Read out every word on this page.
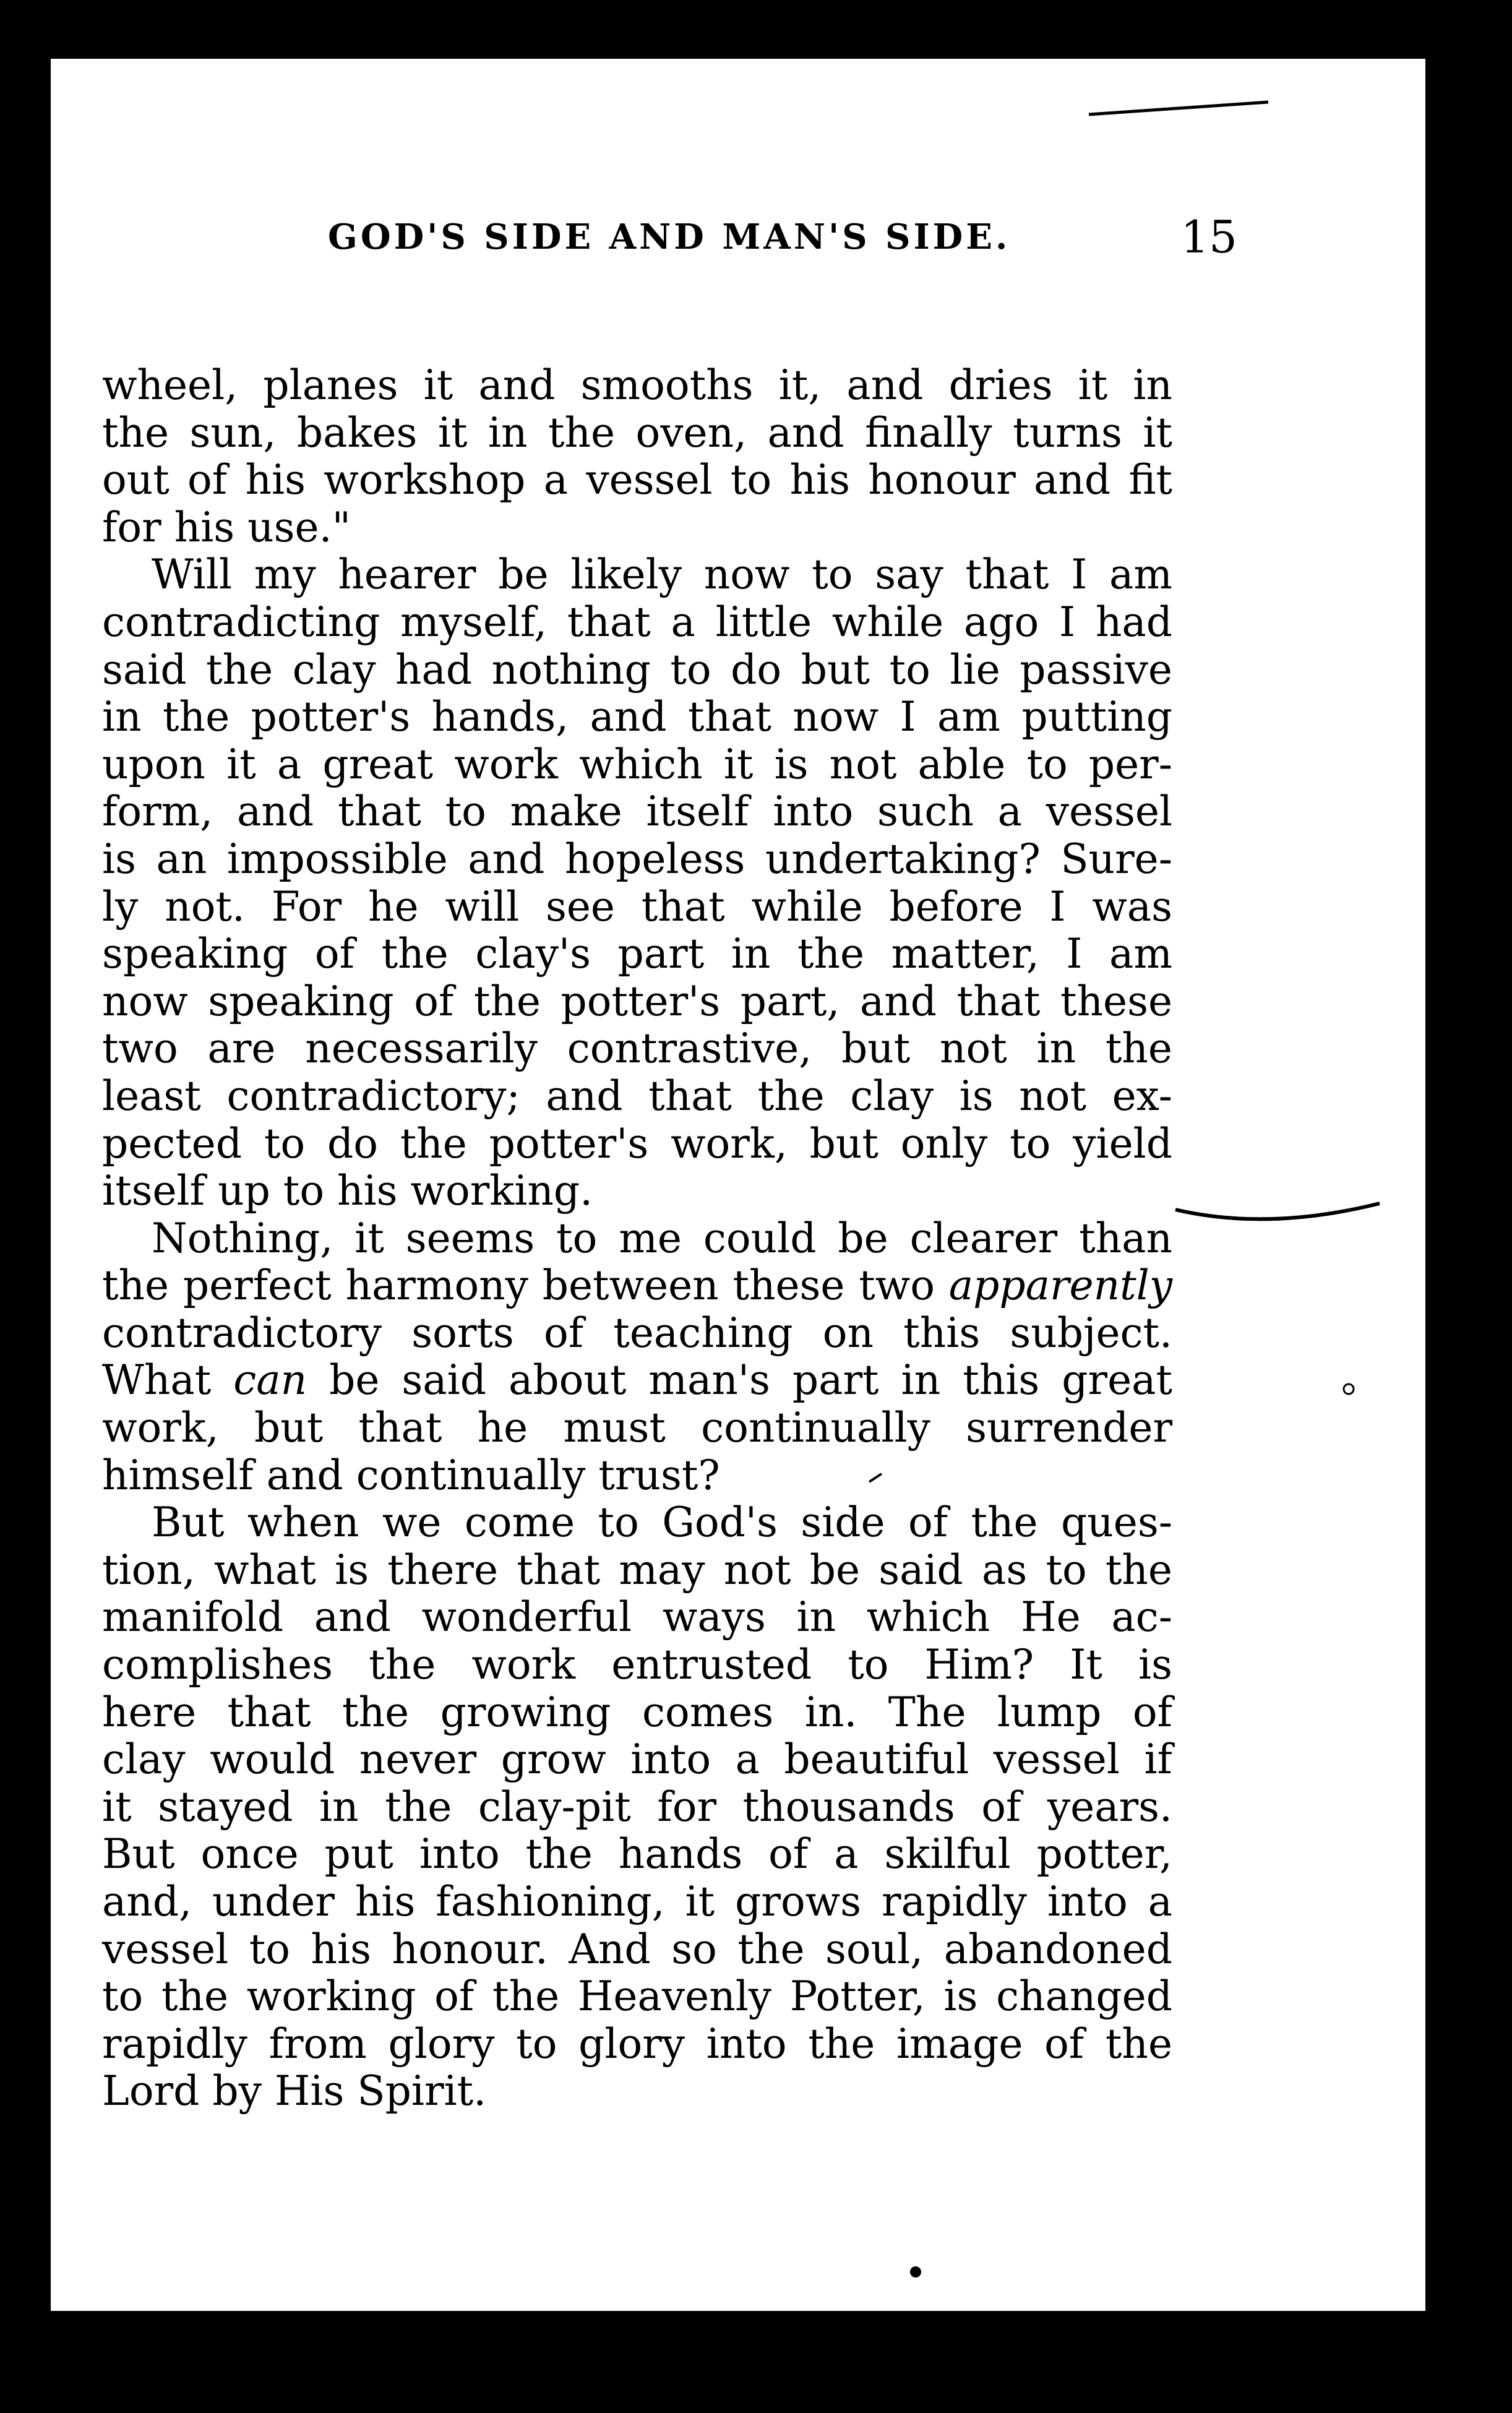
GOD'S SIDE AND MAN'S SIDE.	15
wheel, planes it and smooths it, and dries it in
the sun, bakes it in the oven, and finally turns it
out of his workshop a vessel to his honour and fit
for his use."
Will my hearer be likely now to say that I am
contradicting myself, that a little while ago I had
said the clay had nothing to do but to lie passive
in the potter's hands, and that now I am putting
upon it a great work which it is not able to per-
form, and that to make itself into such a vessel
is an impossible and hopeless undertaking? Sure-
ly not. For he will see that while before I was
speaking of the clay's part in the matter, I am
now speaking of the potter's part, and that these
two are necessarily contrastive, but not in the
least contradictory; and that the clay is not ex-
pected to do the potter's work, but only to yield
itself up to his working.
Nothing, it seems to me could be clearer than
the perfect harmony between these two apparently
contradictory sorts of teaching on this subject.
What can be said about man's part in this great
work, but that he must continually surrender
himself and continually trust?
But when we come to God's side of the ques-
tion, what is there that may not be said as to the
manifold and wonderful ways in which He ac-
complishes the work entrusted to Him? It is
here that the growing comes in. The lump of
clay would never grow into a beautiful vessel if
it stayed in the clay-pit for thousands of years.
But once put into the hands of a skilful potter,
and, under his fashioning, it grows rapidly into a
vessel to his honour. And so the soul, abandoned
to the working of the Heavenly Potter, is changed
rapidly from glory to glory into the image of the
Lord by His Spirit.
